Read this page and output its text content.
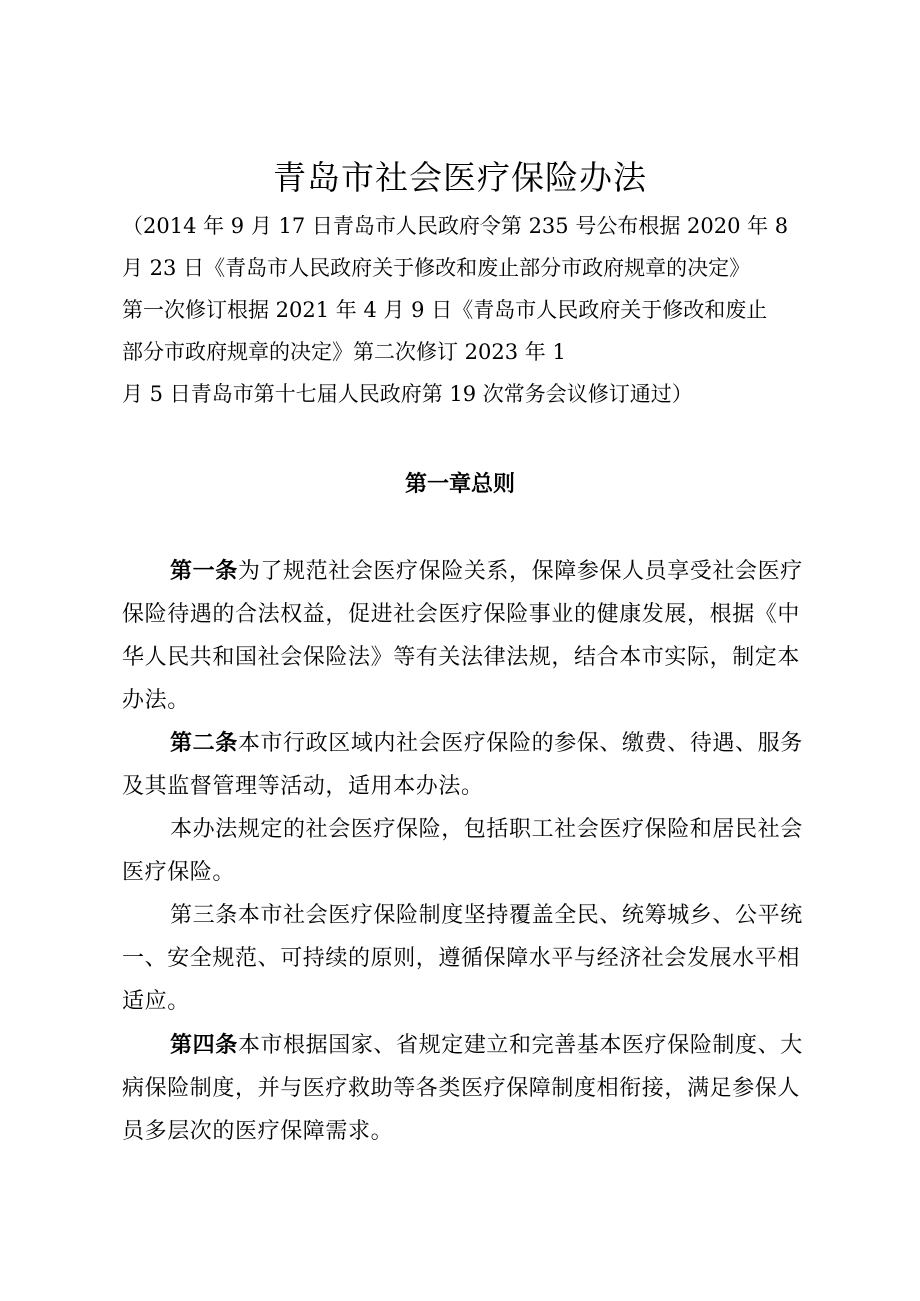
青岛市社会医疗保险办法
（2014 年 9 月 17 日青岛市人民政府令第 235 号公布根据 2020 年 8
月 23 日《青岛市人民政府关于修改和废止部分市政府规章的决定》
第一次修订根据 2021 年 4 月 9 日《青岛市人民政府关于修改和废止
部分市政府规章的决定》第二次修订 2023 年 1
月 5 日青岛市第十七届人民政府第 19 次常务会议修订通过）
第一章总则
第一条为了规范社会医疗保险关系，保障参保人员享受社会医疗
保险待遇的合法权益，促进社会医疗保险事业的健康发展，根据《中
华人民共和国社会保险法》等有关法律法规，结合本市实际，制定本
办法。
第二条本市行政区域内社会医疗保险的参保、缴费、待遇、服务
及其监督管理等活动，适用本办法。
本办法规定的社会医疗保险，包括职工社会医疗保险和居民社会
医疗保险。
第三条本市社会医疗保险制度坚持覆盖全民、统筹城乡、公平统
一、安全规范、可持续的原则，遵循保障水平与经济社会发展水平相
适应。
第四条本市根据国家、省规定建立和完善基本医疗保险制度、大
病保险制度，并与医疗救助等各类医疗保障制度相衔接，满足参保人
员多层次的医疗保障需求。
